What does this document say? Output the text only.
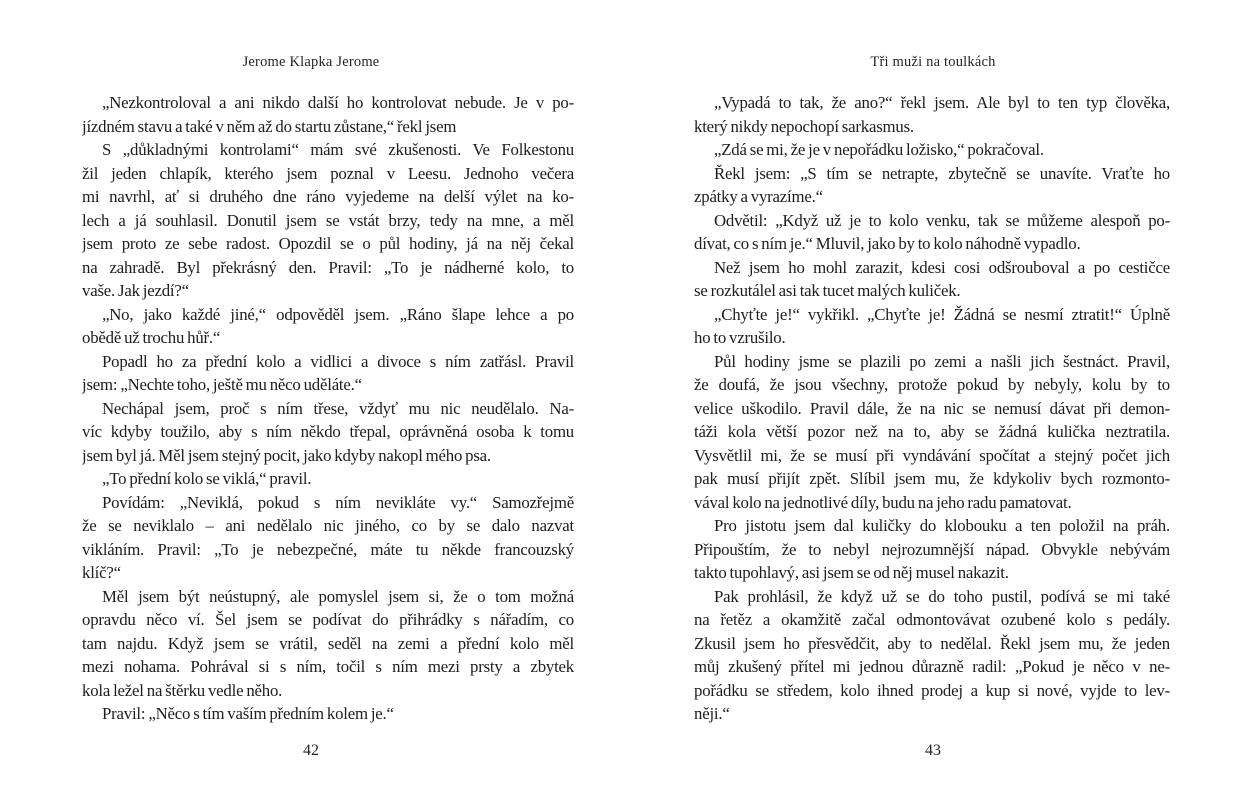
Jerome Klapka Jerome
„Nezkontroloval a ani nikdo další ho kontrolovat nebude. Je v po-
jízdném stavu a také v něm až do startu zůstane,“ řekl jsem
S „důkladnými kontrolami“ mám své zkušenosti. Ve Folkestonu
žil jeden chlapík, kterého jsem poznal v Leesu. Jednoho večera
mi navrhl, ať si druhého dne ráno vyjedeme na delší výlet na ko-
lech a já souhlasil. Donutil jsem se vstát brzy, tedy na mne, a měl
jsem proto ze sebe radost. Opozdil se o půl hodiny, já na něj čekal
na zahradě. Byl překrásný den. Pravil: „To je nádherné kolo, to
vaše. Jak jezdí?“
„No, jako každé jiné,“ odpověděl jsem. „Ráno šlape lehce a po
obědě už trochu hůř.“
Popadl ho za přední kolo a vidlici a divoce s ním zatřásl. Pravil
jsem: „Nechte toho, ještě mu něco uděláte.“
Nechápal jsem, proč s ním třese, vždyť mu nic neudělalo. Na-
víc kdyby toužilo, aby s ním někdo třepal, oprávněná osoba k tomu
jsem byl já. Měl jsem stejný pocit, jako kdyby nakopl mého psa.
„To přední kolo se viklá,“ pravil.
Povídám: „Neviklá, pokud s ním nevikláte vy.“ Samozřejmě
že se neviklalo – ani nedělalo nic jiného, co by se dalo nazvat
vikláním. Pravil: „To je nebezpečné, máte tu někde francouzský
klíč?“
Měl jsem být neústupný, ale pomyslel jsem si, že o tom možná
opravdu něco ví. Šel jsem se podívat do přihrádky s nářadím, co
tam najdu. Když jsem se vrátil, seděl na zemi a přední kolo měl
mezi nohama. Pohrával si s ním, točil s ním mezi prsty a zbytek
kola ležel na štěrku vedle něho.
Pravil: „Něco s tím vaším předním kolem je.“
42
Tři muži na toulkách
„Vypadá to tak, že ano?“ řekl jsem. Ale byl to ten typ člověka,
který nikdy nepochopí sarkasmus.
„Zdá se mi, že je v nepořádku ložisko,“ pokračoval.
Řekl jsem: „S tím se netrapte, zbytečně se unavíte. Vraťte ho
zpátky a vyrazíme.“
Odvětil: „Když už je to kolo venku, tak se můžeme alespoň po-
dívat, co s ním je.“ Mluvil, jako by to kolo náhodně vypadlo.
Než jsem ho mohl zarazit, kdesi cosi odšrouboval a po cestičce
se rozkutálel asi tak tucet malých kuliček.
„Chyťte je!“ vykřikl. „Chyťte je! Žádná se nesmí ztratit!“ Úplně
ho to vzrušilo.
Půl hodiny jsme se plazili po zemi a našli jich šestnáct. Pravil,
že doufá, že jsou všechny, protože pokud by nebyly, kolu by to
velice uškodilo. Pravil dále, že na nic se nemusí dávat při demon-
táži kola větší pozor než na to, aby se žádná kulička neztratila.
Vysvětlil mi, že se musí při vyndávání spočítat a stejný počet jich
pak musí přijít zpět. Slíbil jsem mu, že kdykoliv bych rozmonto-
vával kolo na jednotlivé díly, budu na jeho radu pamatovat.
Pro jistotu jsem dal kuličky do klobouku a ten položil na práh.
Připouštím, že to nebyl nejrozumnější nápad. Obvykle nebývám
takto tupohlavý, asi jsem se od něj musel nakazit.
Pak prohlásil, že když už se do toho pustil, podívá se mi také
na řetěz a okamžitě začal odmontovávat ozubené kolo s pedály.
Zkusil jsem ho přesvědčit, aby to nedělal. Řekl jsem mu, že jeden
můj zkušený přítel mi jednou důrazně radil: „Pokud je něco v ne-
pořádku se středem, kolo ihned prodej a kup si nové, vyjde to lev-
něji.“
43
